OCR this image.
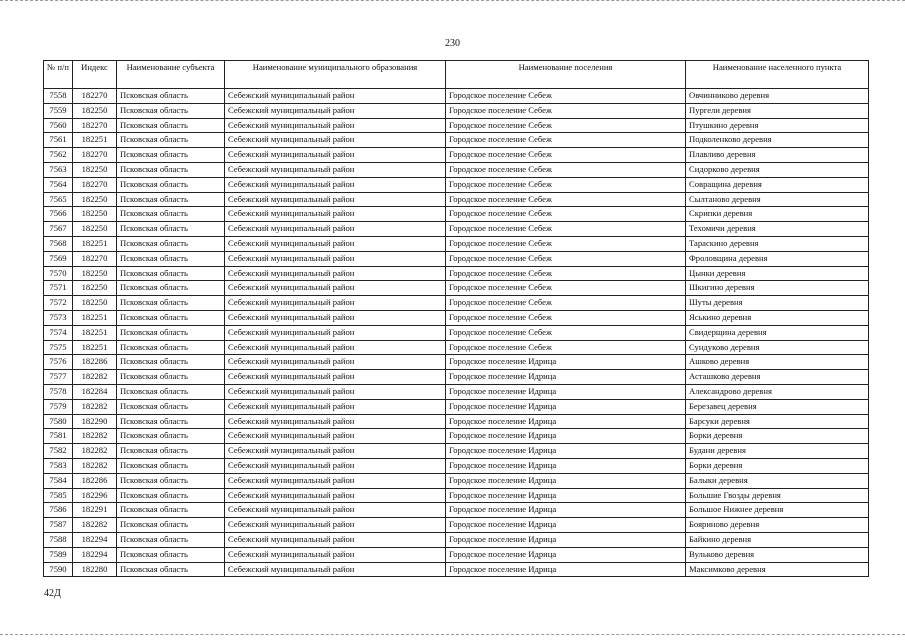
230
№ п/п	Индекс	Наименование субъекта	Наименование муниципального образования	Наименование поселения	Наименование населенного пункта
7558	182270	Псковская область	Себежский муниципальный район	Городское поселение Себеж	Овчинниково деревня
7559	182250	Псковская область	Себежский муниципальный район	Городское поселение Себеж	Пургели деревня
7560	182270	Псковская область	Себежский муниципальный район	Городское поселение Себеж	Птушкино деревня
7561	182251	Псковская область	Себежский муниципальный район	Городское поселение Себеж	Подколенково деревня
7562	182270	Псковская область	Себежский муниципальный район	Городское поселение Себеж	Плавливо деревня
7563	182250	Псковская область	Себежский муниципальный район	Городское поселение Себеж	Сидорково деревня
7564	182270	Псковская область	Себежский муниципальный район	Городское поселение Себеж	Совращина деревня
7565	182250	Псковская область	Себежский муниципальный район	Городское поселение Себеж	Сылтаново деревня
7566	182250	Псковская область	Себежский муниципальный район	Городское поселение Себеж	Скрипки деревня
7567	182250	Псковская область	Себежский муниципальный район	Городское поселение Себеж	Техомичи деревня
7568	182251	Псковская область	Себежский муниципальный район	Городское поселение Себеж	Тараскино деревня
7569	182270	Псковская область	Себежский муниципальный район	Городское поселение Себеж	Фроловщина деревня
7570	182250	Псковская область	Себежский муниципальный район	Городское поселение Себеж	Цынки деревня
7571	182250	Псковская область	Себежский муниципальный район	Городское поселение Себеж	Шкигино деревня
7572	182250	Псковская область	Себежский муниципальный район	Городское поселение Себеж	Шуты деревня
7573	182251	Псковская область	Себежский муниципальный район	Городское поселение Себеж	Яськино деревня
7574	182251	Псковская область	Себежский муниципальный район	Городское поселение Себеж	Свидерщина деревня
7575	182251	Псковская область	Себежский муниципальный район	Городское поселение Себеж	Сундуково деревня
7576	182286	Псковская область	Себежский муниципальный район	Городское поселение Идрица	Ашково деревня
7577	182282	Псковская область	Себежский муниципальный район	Городское поселение Идрица	Асташково деревня
7578	182284	Псковская область	Себежский муниципальный район	Городское поселение Идрица	Александрово деревня
7579	182282	Псковская область	Себежский муниципальный район	Городское поселение Идрица	Березавец деревня
7580	182290	Псковская область	Себежский муниципальный район	Городское поселение Идрица	Барсуки деревня
7581	182282	Псковская область	Себежский муниципальный район	Городское поселение Идрица	Борки деревня
7582	182282	Псковская область	Себежский муниципальный район	Городское поселение Идрица	Будани деревня
7583	182282	Псковская область	Себежский муниципальный район	Городское поселение Идрица	Борки деревня
7584	182286	Псковская область	Себежский муниципальный район	Городское поселение Идрица	Балыки деревня
7585	182296	Псковская область	Себежский муниципальный район	Городское поселение Идрица	Большие Гвозды деревня
7586	182291	Псковская область	Себежский муниципальный район	Городское поселение Идрица	Большое Нижнее деревня
7587	182282	Псковская область	Себежский муниципальный район	Городское поселение Идрица	Бояриново деревня
7588	182294	Псковская область	Себежский муниципальный район	Городское поселение Идрица	Байкино деревня
7589	182294	Псковская область	Себежский муниципальный район	Городское поселение Идрица	Вульково деревня
7590	182280	Псковская область	Себежский муниципальный район	Городское поселение Идрица	Максимково деревня
42Д
